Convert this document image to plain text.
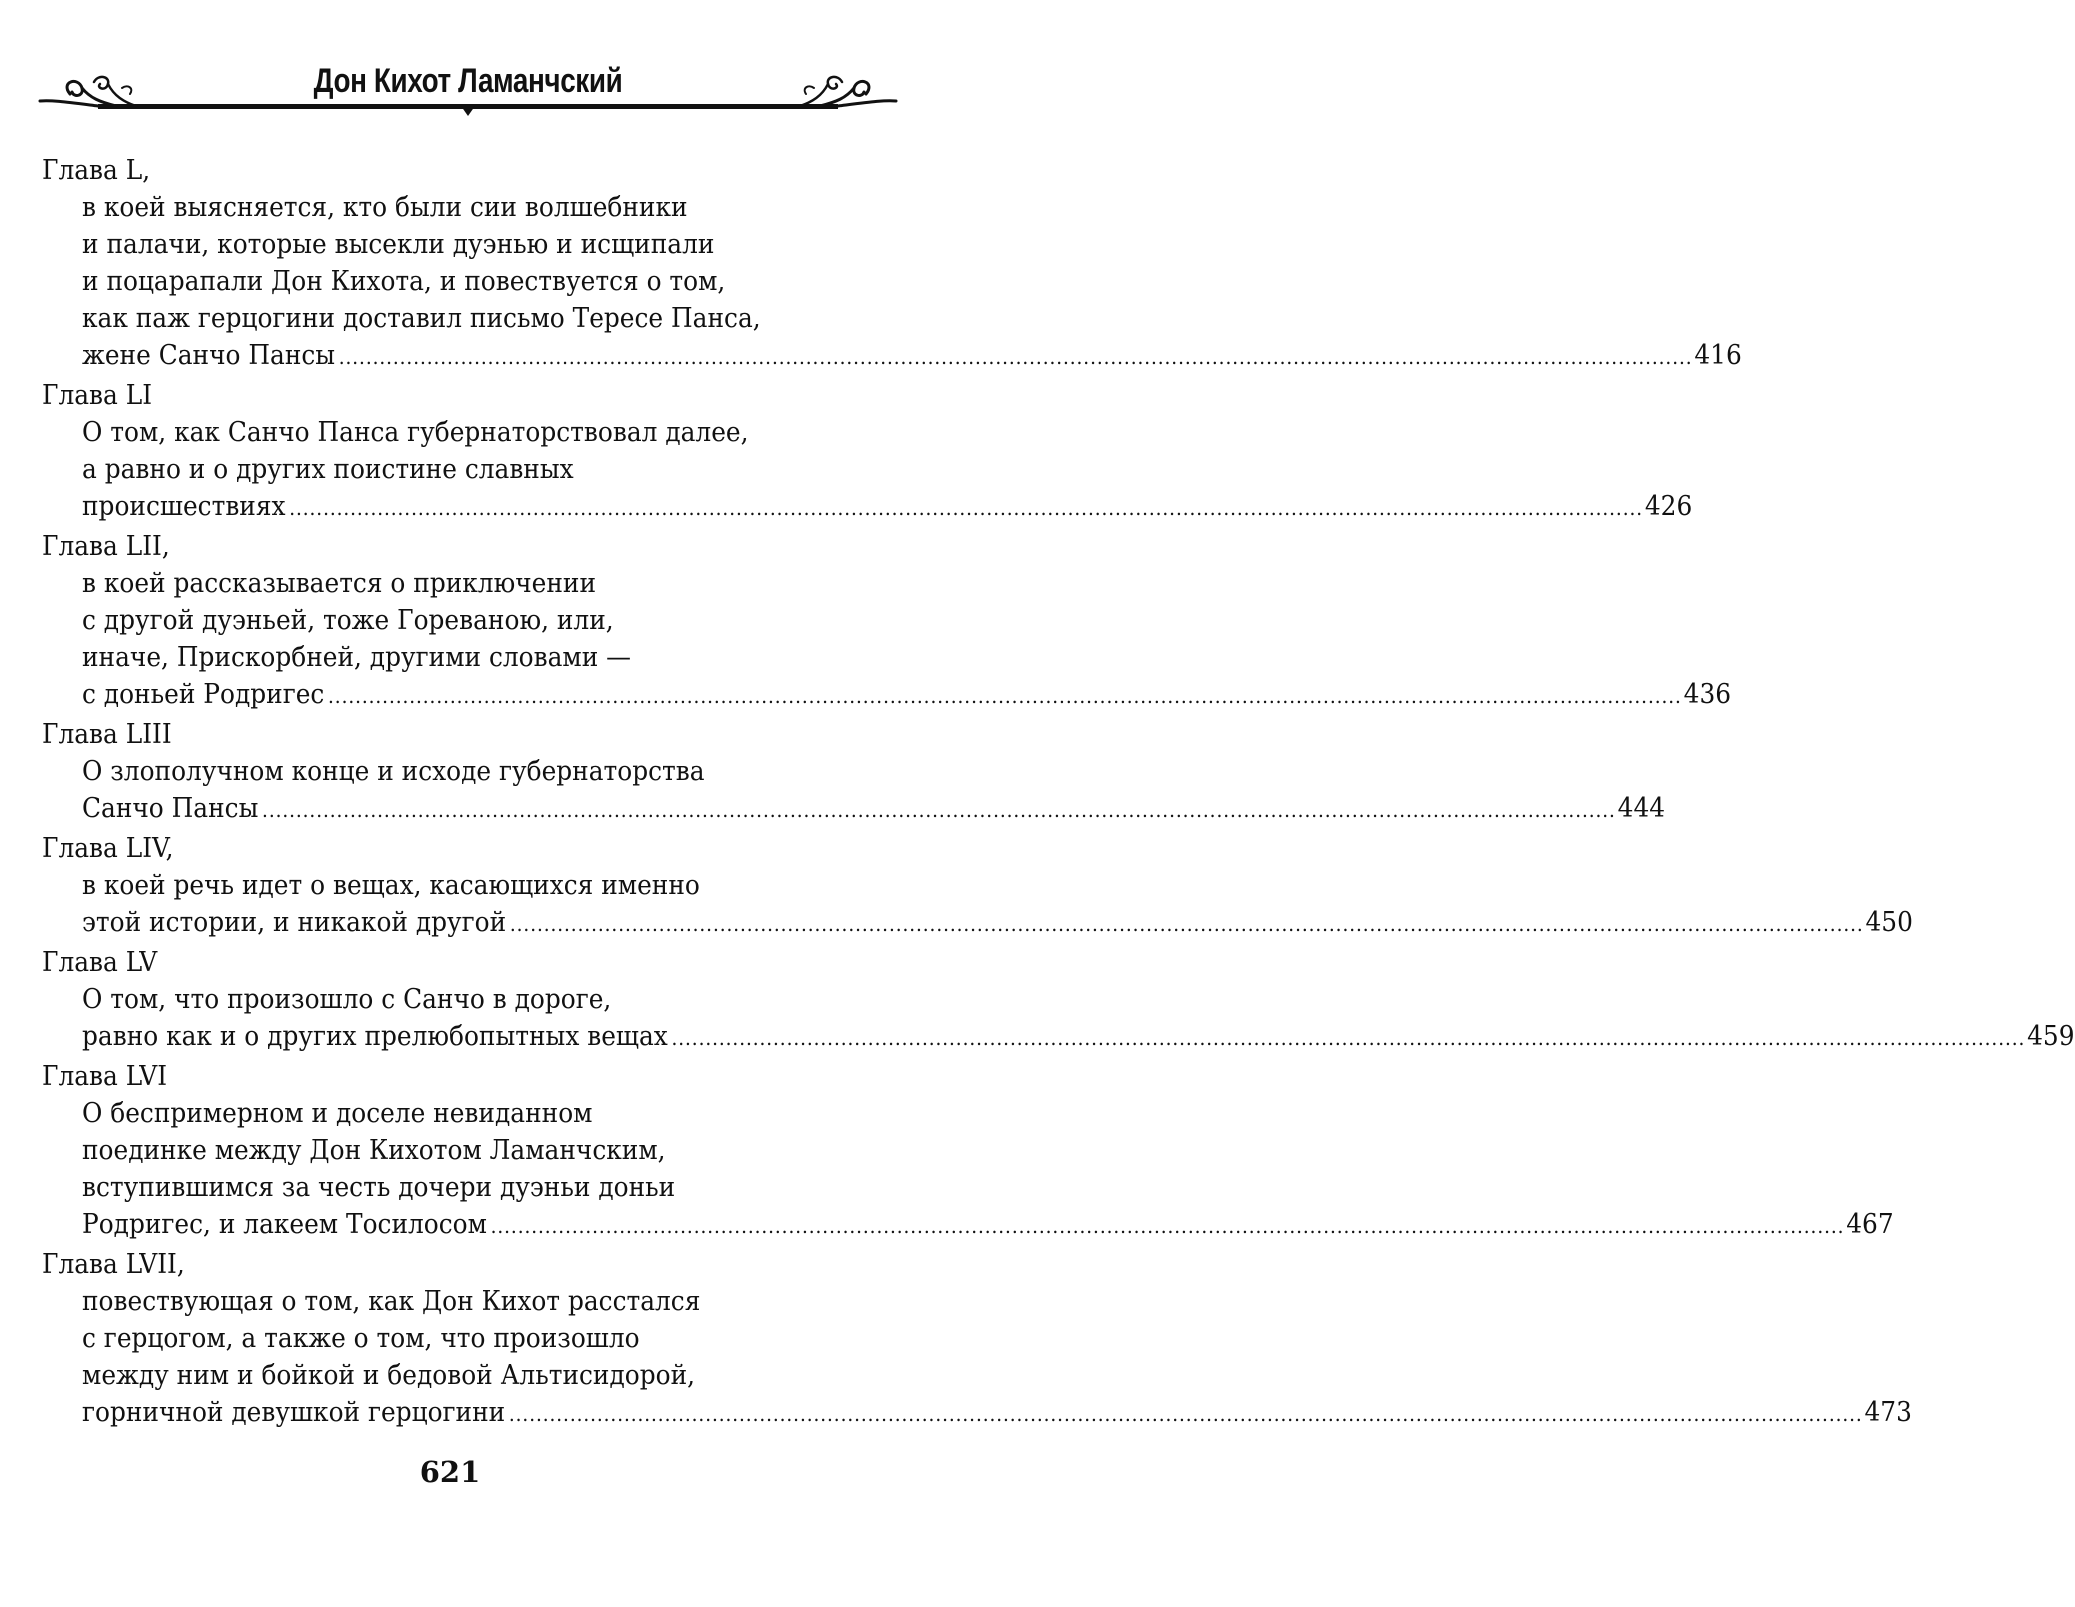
Дон Кихот Ламанчский
Глава L,
в коей выясняется, кто были сии волшебники
и палачи, которые высекли дуэнью и исщипали
и поцарапали Дон Кихота, и повествуется о том,
как паж герцогини доставил письмо Тересе Панса,
жене Санчо Пансы ........................................................................................................................................................................................................ 416
Глава LI
О том, как Санчо Панса губернаторствовал далее,
а равно и о других поистине славных
происшествиях ........................................................................................................................................................................................................ 426
Глава LII,
в коей рассказывается о приключении
с другой дуэньей, тоже Гореваною, или,
иначе, Прискорбней, другими словами —
с доньей Родригес ........................................................................................................................................................................................................ 436
Глава LIII
О злополучном конце и исходе губернаторства
Санчо Пансы ........................................................................................................................................................................................................ 444
Глава LIV,
в коей речь идет о вещах, касающихся именно
этой истории, и никакой другой ........................................................................................................................................................................................................ 450
Глава LV
О том, что произошло с Санчо в дороге,
равно как и о других прелюбопытных вещах ........................................................................................................................................................................................................ 459
Глава LVI
О беспримерном и доселе невиданном
поединке между Дон Кихотом Ламанчским,
вступившимся за честь дочери дуэньи доньи
Родригес, и лакеем Тосилосом ........................................................................................................................................................................................................ 467
Глава LVII,
повествующая о том, как Дон Кихот расстался
с герцогом, а также о том, что произошло
между ним и бойкой и бедовой Альтисидорой,
горничной девушкой герцогини ........................................................................................................................................................................................................ 473
621
